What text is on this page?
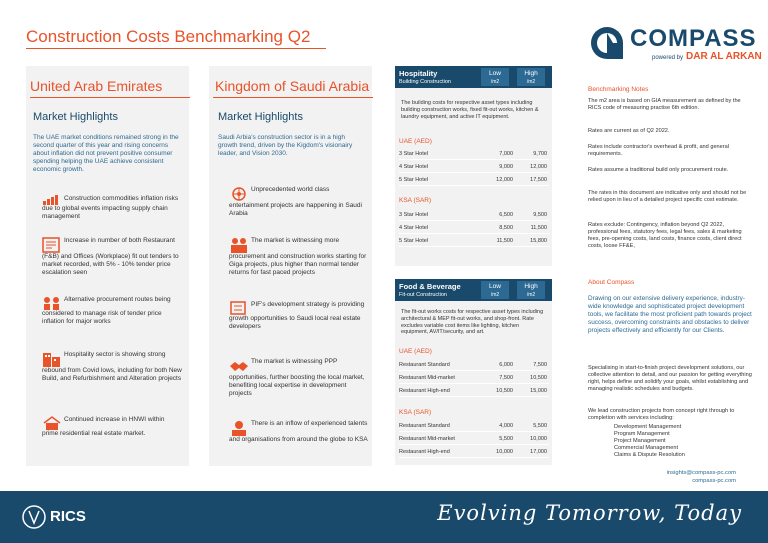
Construction Costs Benchmarking Q2	COMPASS
powered by DAR AL ARKAN
United Arab Emirates
Market Highlights
The UAE market conditions remained strong in the second quarter of this year and rising concerns about inflation did not prevent positive consumer spending helping the UAE achieve consistent economic growth.
Construction commodities inflation risks due to global events impacting supply chain management
Increase in number of both Restaurant (F&B) and Offices (Workplace) fit out tenders to market recorded, with 5% - 10% tender price escalation seen
Alternative procurement routes being considered to manage risk of tender price inflation for major works
Hospitality sector is showing strong rebound from Covid lows, including for both New Build, and Refurbishment and Alteration projects
Continued increase in HNWI within prime residential real estate market.
Kingdom of Saudi Arabia
Market Highlights
Saudi Arbia's construction sector is in a high growth trend, driven by the Kigdom's visionairy leader, and Vision 2030.
Unprecedented world class entertainment projects are happening in Saudi Arabia
The market is witnessing more procurement and construction works starting for Giga projects, plus higher than normal tender returns for fast paced projects
PIF's development strategy is providing growth opportunities to Saudi local real estate developers
The market is witnessing PPP opportunities, further boosting the local market, benefiting local expertise in development projects
There is an inflow of experienced talents and organisations from around the globe to KSA
Hospitality
Building Construction
Low
/m2
High
/m2
The building costs for respective asset types including building construction works, fixed fit-out works, kitchen & laundry equipment, and active IT equipment.
UAE (AED)
3 Star Hotel	7,000	9,700
4 Star Hotel	9,000	12,000
5 Star Hotel	12,000	17,500
KSA (SAR)
3 Star Hotel	6,500	9,500
4 Star Hotel	8,500	11,500
5 Star Hotel	11,500	15,800
Food & Beverage
Fit-out Construction
Low
/m2
High
/m2
The fit-out works costs for respective asset types including architectural & MEP fit-out works, and shop-front. Rate excludes variable cost items like lighting, kitchen equipment, AV/IT/security, and art.
UAE (AED)
Restaurant Standard	6,000	7,500
Restaurant Mid-market	7,500	10,500
Restaurant High-end	10,500	15,000
KSA (SAR)
Restaurant Standard	4,000	5,500
Restaurant Mid-market	5,500	10,000
Restaurant High-end	10,000	17,000
Benchmarking Notes
The m2 area is based on GIA measurement as defined by the RICS code of measuring practise 6th edition.
Rates are current as of Q2 2022.
Rates include contractor's overhead & profit, and general requirements.
Rates assume a traditional build only procurement route.
The rates in this document are indicative only and should not be relied upon in lieu of a detailed project specific cost estimate.
Rates exclude: Contingency, inflation beyond Q2 2022, professional fees, statutory fees, legal fees, sales & marketing fees, pre-opening costs, land costs, finance costs, client direct costs, loose FF&E,
About Compass
Drawing on our extensive delivery experience, industry-wide knowledge and sophisticated project development tools, we facilitate the most proficient path towards project success, overcoming constraints and obstacles to deliver projects effectively and efficiently for our Clients.
Specialising in start-to-finish project development solutions, our collective attention to detail, and our passion for getting everything right, helps define and solidify your goals, whilst establishing and managing realistic schedules and budgets.
We lead construction projects from concept right through to completion with services including:
Development Management
Program Management
Project Management
Commercial Management
Claims & Dispute Resolution
insights@compass-pc.com
compass-pc.com
RICS	Evolving Tomorrow, Today
